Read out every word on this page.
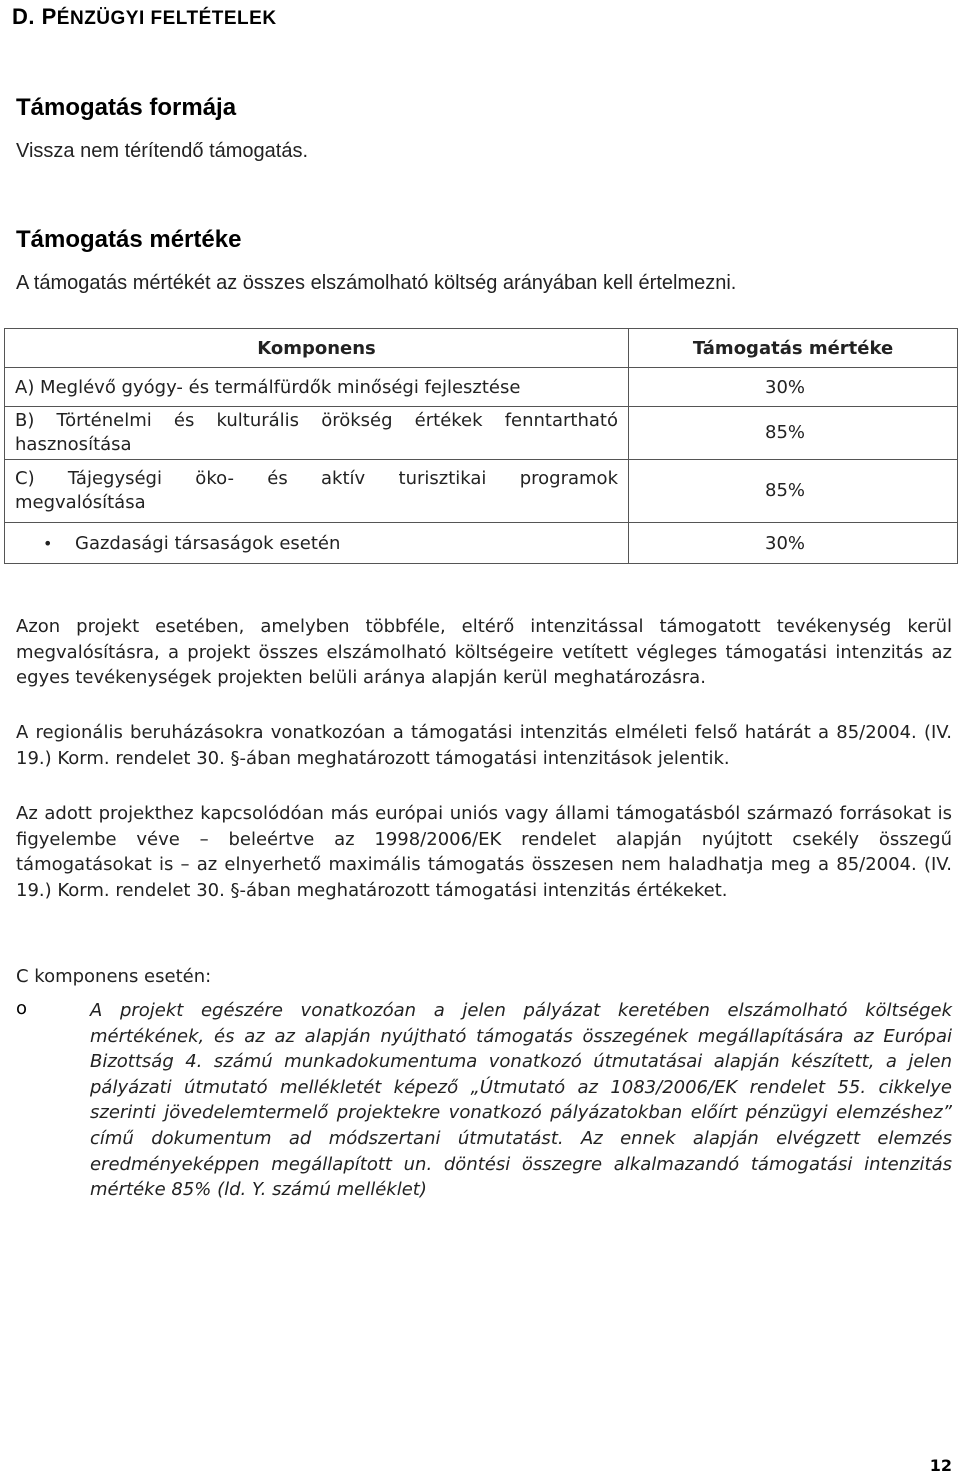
D. PÉNZÜGYI FELTÉTELEK
Támogatás formája

Vissza nem térítendő támogatás.

Támogatás mértéke

A támogatás mértékét az összes elszámolható költség arányában kell értelmezni.

Komponens	Támogatás mértéke
A) Meglévő gyógy- és termálfürdők minőségi fejlesztése	30%

B) Történelmi és kulturális örökség értékek fenntartható hasznosítása	85%

C) Tájegységi öko- és aktív turisztikai programok megvalósítása	85%
• Gazdasági társaságok esetén	30%

Azon projekt esetében, amelyben többféle, eltérő intenzitással támogatott tevékenység kerül megvalósításra, a projekt összes elszámolható költségeire vetített végleges támogatási intenzitás az egyes tevékenységek projekten belüli aránya alapján kerül meghatározásra.

A regionális beruházásokra vonatkozóan a támogatási intenzitás elméleti felső határát a 85/2004. (IV. 19.) Korm. rendelet 30. §-ában meghatározott támogatási intenzitások jelentik.

Az adott projekthez kapcsolódóan más európai uniós vagy állami támogatásból származó forrásokat is figyelembe véve – beleértve az 1998/2006/EK rendelet alapján nyújtott csekély összegű támogatásokat is – az elnyerhető maximális támogatás összesen nem haladhatja meg a 85/2004. (IV. 19.) Korm. rendelet 30. §-ában meghatározott támogatási intenzitás értékeket.

C komponens esetén:

o	A projekt egészére vonatkozóan a jelen pályázat keretében elszámolható költségek mértékének, és az az alapján nyújtható támogatás összegének megállapítására az Európai Bizottság 4. számú munkadokumentuma vonatkozó útmutatásai alapján készített, a jelen pályázati útmutató mellékletét képező „Útmutató az 1083/2006/EK rendelet 55. cikkelye szerinti jövedelemtermelő projektekre vonatkozó pályázatokban előírt pénzügyi elemzéshez” című dokumentum ad módszertani útmutatást. Az ennek alapján elvégzett elemzés eredményeképpen megállapított un. döntési összegre alkalmazandó támogatási intenzitás mértéke 85% (ld. Y. számú melléklet)

12
